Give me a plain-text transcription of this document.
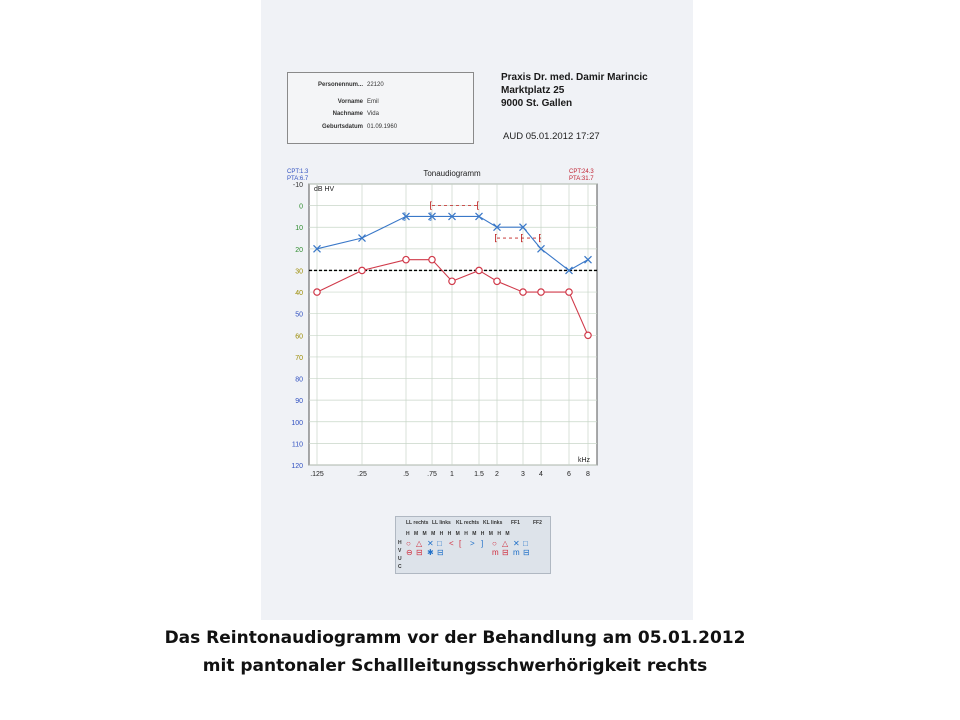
Personennum... 22120
Vorname Emil
Nachname Vida
Geburtsdatum 01.09.1960
Praxis Dr. med. Damir Marincic
Marktplatz 25
9000 St. Gallen
AUD 05.01.2012 17:27
-10
0
10
20
30
40
50
60
70
80
90
100
110
120
.125	.25	.5	.75 1	1.5 2	3 4	6 8
[	[
[ [ [
] ]
Tonaudiogramm
CPT:1.3
PTA:6.7
CPT:24.3
PTA:31.7
dB HV
kHz
LL rechts LL links KL rechts KL links FF1	FF2
H M M M H H M H M H M H M
H
V
U
C
○ △ ✕ □ < [ > ] ○ △ ✕ □
⊖ ⊟ ✱ ⊟	m ⊟ m ⊟
Das Reintonaudiogramm vor der Behandlung am 05.01.2012
mit pantonaler Schallleitungsschwerhörigkeit rechts
